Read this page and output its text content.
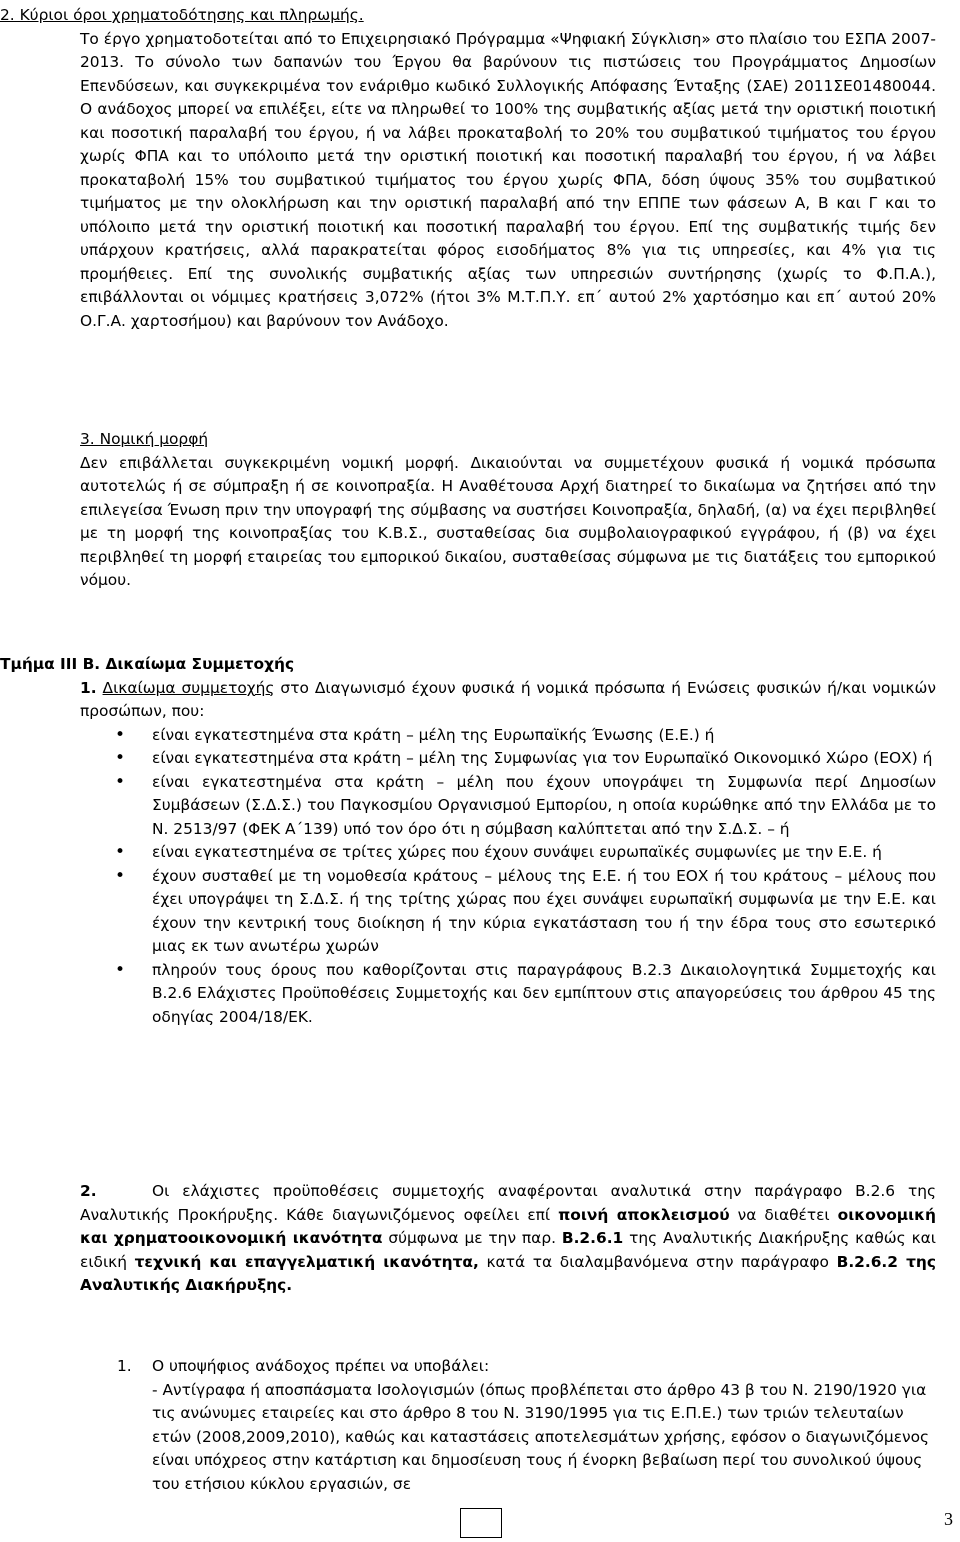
2. Κύριοι όροι χρηματοδότησης και πληρωμής.
Το έργο χρηματοδοτείται από το Επιχειρησιακό Πρόγραμμα «Ψηφιακή Σύγκλιση» στο πλαίσιο του ΕΣΠΑ 2007-2013. Το σύνολο των δαπανών του Έργου θα βαρύνουν τις πιστώσεις του Προγράμματος Δημοσίων Επενδύσεων, και συγκεκριμένα τον ενάριθμο κωδικό Συλλογικής Απόφασης Ένταξης (ΣΑΕ) 2011ΣΕ01480044. Ο ανάδοχος μπορεί να επιλέξει, είτε να πληρωθεί το 100% της συμβατικής αξίας μετά την οριστική ποιοτική και ποσοτική παραλαβή του έργου, ή να λάβει προκαταβολή το 20% του συμβατικού τιμήματος του έργου χωρίς ΦΠΑ και το υπόλοιπο μετά την οριστική ποιοτική και ποσοτική παραλαβή του έργου, ή να λάβει προκαταβολή 15% του συμβατικού τιμήματος του έργου χωρίς ΦΠΑ, δόση ύψους 35% του συμβατικού τιμήματος με την ολοκλήρωση και την οριστική παραλαβή από την ΕΠΠΕ των φάσεων Α, Β και Γ και το υπόλοιπο μετά την οριστική ποιοτική και ποσοτική παραλαβή του έργου. Επί της συμβατικής τιμής δεν υπάρχουν κρατήσεις, αλλά παρακρατείται φόρος εισοδήματος 8% για τις υπηρεσίες, και 4% για τις προμήθειες. Επί της συνολικής συμβατικής αξίας των υπηρεσιών συντήρησης (χωρίς το Φ.Π.Α.), επιβάλλονται οι νόμιμες κρατήσεις 3,072% (ήτοι 3% Μ.Τ.Π.Υ. επ΄ αυτού 2% χαρτόσημο και επ΄ αυτού 20% Ο.Γ.Α. χαρτοσήμου) και βαρύνουν τον Ανάδοχο.
3. Νομική μορφή
Δεν επιβάλλεται συγκεκριμένη νομική μορφή. Δικαιούνται να συμμετέχουν φυσικά ή νομικά πρόσωπα αυτοτελώς ή σε σύμπραξη ή σε κοινοπραξία. Η Αναθέτουσα Αρχή διατηρεί το δικαίωμα να ζητήσει από την επιλεγείσα Ένωση πριν την υπογραφή της σύμβασης να συστήσει Κοινοπραξία, δηλαδή, (α) να έχει περιβληθεί με τη μορφή της κοινοπραξίας του Κ.Β.Σ., συσταθείσας δια συμβολαιογραφικού εγγράφου, ή (β) να έχει περιβληθεί τη μορφή εταιρείας του εμπορικού δικαίου, συσταθείσας σύμφωνα με τις διατάξεις του εμπορικού νόμου.
Τμήμα ΙΙΙ Β. Δικαίωμα Συμμετοχής
1. Δικαίωμα συμμετοχής στο Διαγωνισμό έχουν φυσικά ή νομικά πρόσωπα ή Ενώσεις φυσικών ή/και νομικών προσώπων, που:
• είναι εγκατεστημένα στα κράτη – μέλη της Ευρωπαϊκής Ένωσης (Ε.Ε.) ή
• είναι εγκατεστημένα στα κράτη – μέλη της Συμφωνίας για τον Ευρωπαϊκό Οικονομικό Χώρο (ΕΟΧ) ή
• είναι εγκατεστημένα στα κράτη – μέλη που έχουν υπογράψει τη Συμφωνία περί Δημοσίων Συμβάσεων (Σ.Δ.Σ.) του Παγκοσμίου Οργανισμού Εμπορίου, η οποία κυρώθηκε από την Ελλάδα με το Ν. 2513/97 (ΦΕΚ Α΄139) υπό τον όρο ότι η σύμβαση καλύπτεται από την Σ.Δ.Σ. – ή
• είναι εγκατεστημένα σε τρίτες χώρες που έχουν συνάψει ευρωπαϊκές συμφωνίες με την Ε.Ε. ή
• έχουν συσταθεί με τη νομοθεσία κράτους – μέλους της Ε.Ε. ή του ΕΟΧ ή του κράτους – μέλους που έχει υπογράψει τη Σ.Δ.Σ. ή της τρίτης χώρας που έχει συνάψει ευρωπαϊκή συμφωνία με την Ε.Ε. και έχουν την κεντρική τους διοίκηση ή την κύρια εγκατάσταση του ή την έδρα τους στο εσωτερικό μιας εκ των ανωτέρω χωρών
• πληρούν τους όρους που καθορίζονται στις παραγράφους Β.2.3 Δικαιολογητικά Συμμετοχής και Β.2.6 Ελάχιστες Προϋποθέσεις Συμμετοχής και δεν εμπίπτουν στις απαγορεύσεις του άρθρου 45 της οδηγίας 2004/18/ΕΚ.
2.	Οι ελάχιστες προϋποθέσεις συμμετοχής αναφέρονται αναλυτικά στην παράγραφο Β.2.6 της Αναλυτικής Προκήρυξης. Κάθε διαγωνιζόμενος οφείλει επί ποινή αποκλεισμού να διαθέτει οικονομική και χρηματοοικονομική ικανότητα σύμφωνα με την παρ. Β.2.6.1 της Αναλυτικής Διακήρυξης καθώς και ειδική τεχνική και επαγγελματική ικανότητα, κατά τα διαλαμβανόμενα στην παράγραφο Β.2.6.2 της Αναλυτικής Διακήρυξης.
1. Ο υποψήφιος ανάδοχος πρέπει να υποβάλει:
- Αντίγραφα ή αποσπάσματα Ισολογισμών (όπως προβλέπεται στο άρθρο 43 β του Ν. 2190/1920 για τις ανώνυμες εταιρείες και στο άρθρο 8 του Ν. 3190/1995 για τις Ε.Π.Ε.) των τριών τελευταίων ετών (2008,2009,2010), καθώς και καταστάσεις αποτελεσμάτων χρήσης, εφόσον ο διαγωνιζόμενος είναι υπόχρεος στην κατάρτιση και δημοσίευση τους ή ένορκη βεβαίωση περί του συνολικού ύψους του ετήσιου κύκλου εργασιών, σε
3
